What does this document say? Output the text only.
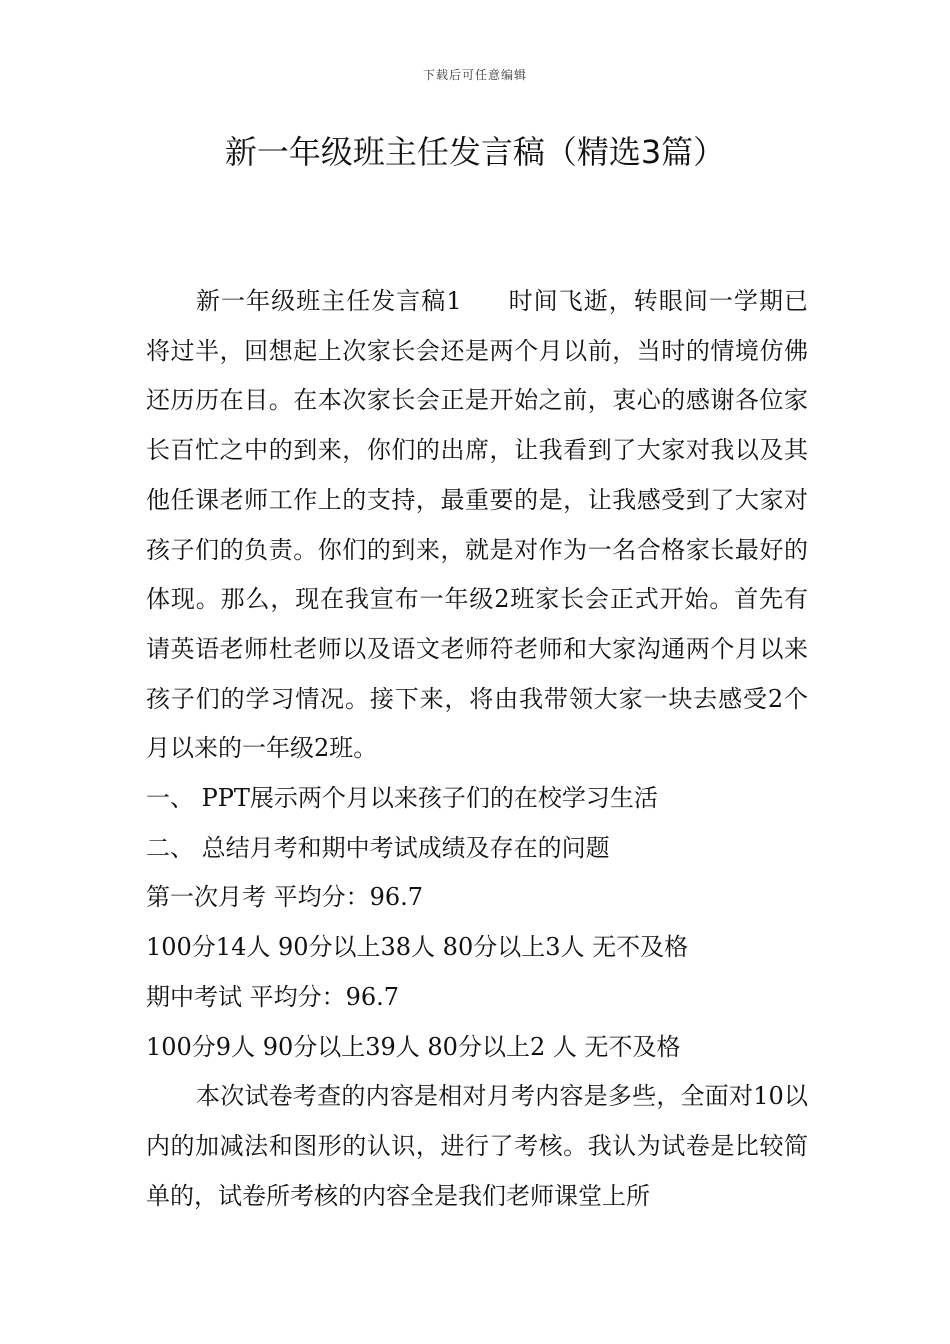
下载后可任意编辑
新一年级班主任发言稿（精选3篇）

新一年级班主任发言稿1 时间飞逝，转眼间一学期已将过半，回想起上次家长会还是两个月以前，当时的情境仿佛还历历在目。在本次家长会正是开始之前，衷心的感谢各位家长百忙之中的到来，你们的出席，让我看到了大家对我以及其他任课老师工作上的支持，最重要的是，让我感受到了大家对孩子们的负责。你们的到来，就是对作为一名合格家长最好的体现。那么，现在我宣布一年级2班家长会正式开始。首先有请英语老师杜老师以及语文老师符老师和大家沟通两个月以来孩子们的学习情况。接下来，将由我带领大家一块去感受2个月以来的一年级2班。

一、 PPT展示两个月以来孩子们的在校学习生活

二、 总结月考和期中考试成绩及存在的问题

第一次月考 平均分：96.7

100分14人 90分以上38人 80分以上3人 无不及格

期中考试 平均分：96.7

100分9人 90分以上39人 80分以上2 人 无不及格

本次试卷考查的内容是相对月考内容是多些，全面对10以内的加减法和图形的认识，进行了考核。我认为试卷是比较简单的，试卷所考核的内容全是我们老师课堂上所
